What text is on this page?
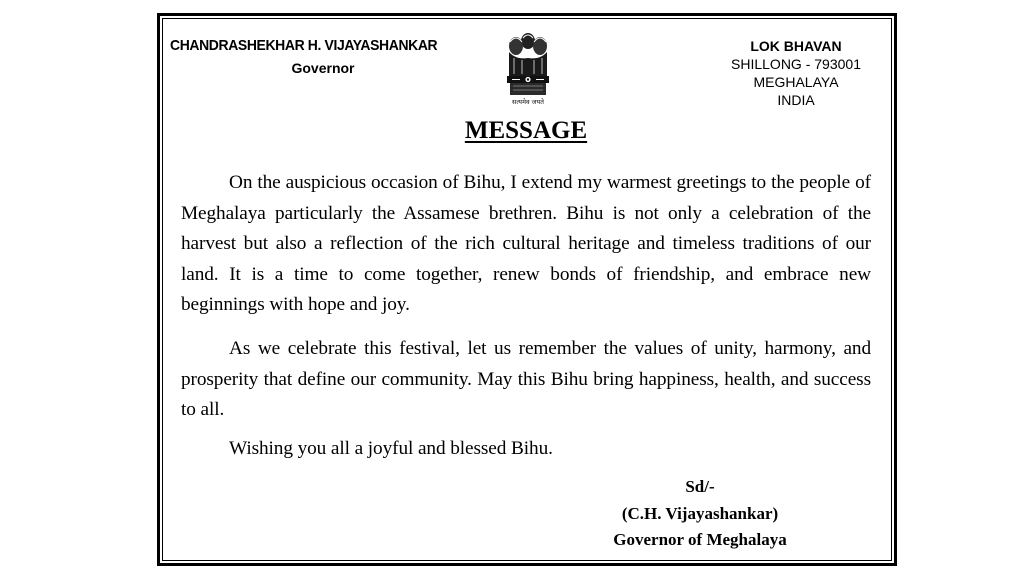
CHANDRASHEKHAR H. VIJAYASHANKAR
Governor
सत्यमेव जयते
LOK BHAVAN
SHILLONG - 793001
MEGHALAYA
INDIA
MESSAGE
On the auspicious occasion of Bihu, I extend my warmest greetings to the people of Meghalaya particularly the Assamese brethren. Bihu is not only a celebration of the harvest but also a reflection of the rich cultural heritage and timeless traditions of our land. It is a time to come together, renew bonds of friendship, and embrace new beginnings with hope and joy.
As we celebrate this festival, let us remember the values of unity, harmony, and prosperity that define our community. May this Bihu bring happiness, health, and success to all.
Wishing you all a joyful and blessed Bihu.
Sd/-
(C.H. Vijayashankar)
Governor of Meghalaya
